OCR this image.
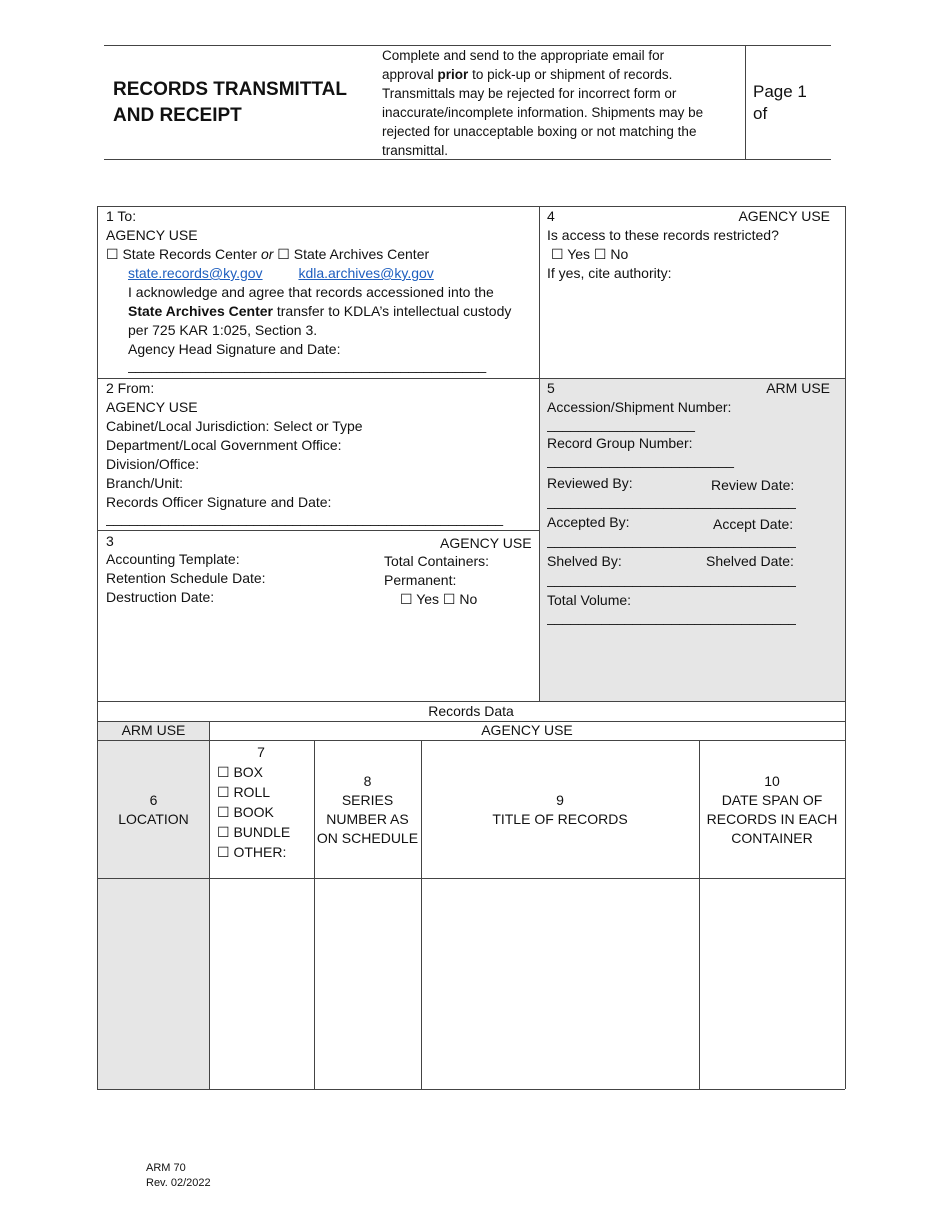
RECORDS TRANSMITTAL
AND RECEIPT
Complete and send to the appropriate email for
approval prior to pick-up or shipment of records.
Transmittals may be rejected for incorrect form or
inaccurate/incomplete information. Shipments may be
rejected for unacceptable boxing or not matching the
transmittal.
Page 1
of
1 To:
AGENCY USE
☐ State Records Center or ☐ State Archives Center
state.records@ky.gov	kdla.archives@ky.gov
I acknowledge and agree that records accessioned into the
State Archives Center transfer to KDLA’s intellectual custody
per 725 KAR 1:025, Section 3.
Agency Head Signature and Date:
______________________________________________
4	AGENCY USE
Is access to these records restricted?
☐ Yes ☐ No
If yes, cite authority:
2 From:
AGENCY USE
Cabinet/Local Jurisdiction: Select or Type
Department/Local Government Office:
Division/Office:
Branch/Unit:
Records Officer Signature and Date:
___________________________________________________
3	AGENCY USE
Accounting Template:
Retention Schedule Date:
Destruction Date:
Total Containers:
Permanent:
☐ Yes ☐ No
5	ARM USE
Accession/Shipment Number:
___________________
Record Group Number:
________________________
Reviewed By:	Review Date:
________________________________
Accepted By:	Accept Date:
________________________________
Shelved By:	Shelved Date:
________________________________
Total Volume:
________________________________
Records Data
ARM USE	AGENCY USE
6
LOCATION
7
☐ BOX
☐ ROLL
☐ BOOK
☐ BUNDLE
☐ OTHER:
8
SERIES
NUMBER AS
ON SCHEDULE
9
TITLE OF RECORDS
10
DATE SPAN OF
RECORDS IN EACH
CONTAINER
ARM 70
Rev. 02/2022
